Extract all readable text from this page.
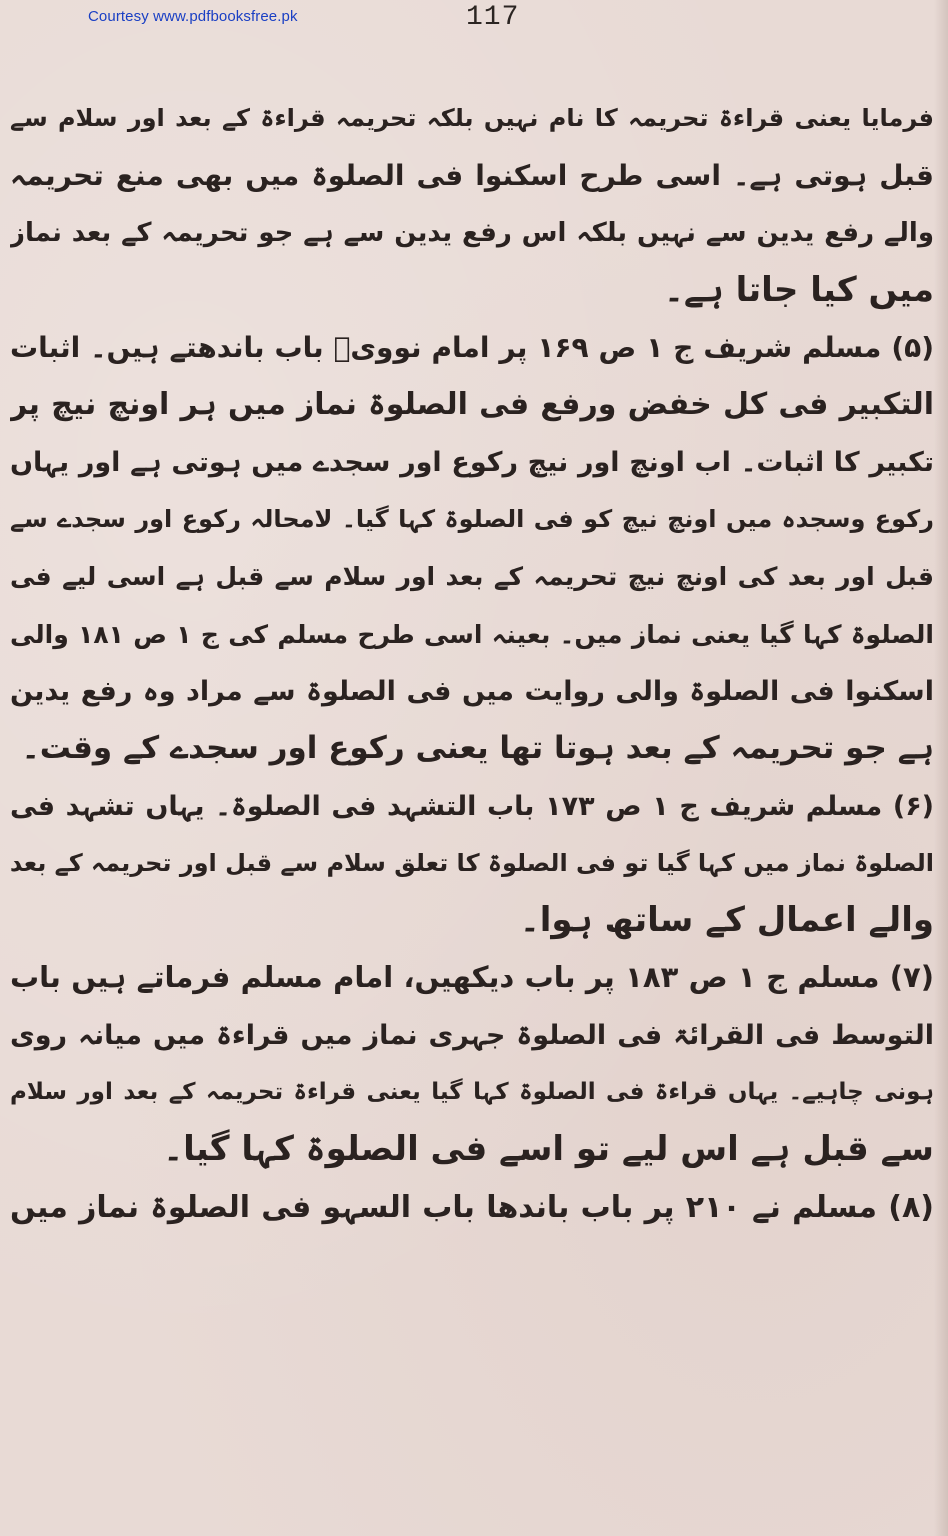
Courtesy www.pdfbooksfree.pk	117
فرمایا یعنی قراءۃ تحریمہ کا نام نہیں بلکہ تحریمہ قراءۃ کے بعد اور سلام سے
قبل ہوتی ہے۔ اسی طرح اسکنوا فی الصلوۃ میں بھی منع تحریمہ
والے رفع یدین سے نہیں بلکہ اس رفع یدین سے ہے جو تحریمہ کے بعد نماز
میں کیا جاتا ہے۔
(۵) مسلم شریف ج ۱ ص ۱۶۹ پر امام نوویؒ باب باندھتے ہیں۔ اثبات
التکبیر فی کل خفض ورفع فی الصلوۃ نماز میں ہر اونچ نیچ پر
تکبیر کا اثبات۔ اب اونچ اور نیچ رکوع اور سجدے میں ہوتی ہے اور یہاں
رکوع وسجدہ میں اونچ نیچ کو فی الصلوۃ کہا گیا۔ لامحالہ رکوع اور سجدے سے
قبل اور بعد کی اونچ نیچ تحریمہ کے بعد اور سلام سے قبل ہے اسی لیے فی
الصلوۃ کہا گیا یعنی نماز میں۔ بعینہ اسی طرح مسلم کی ج ۱ ص ۱۸۱ والی
اسکنوا فی الصلوۃ والی روایت میں فی الصلوۃ سے مراد وہ رفع یدین
ہے جو تحریمہ کے بعد ہوتا تھا یعنی رکوع اور سجدے کے وقت۔
(۶) مسلم شریف ج ۱ ص ۱۷۳ باب التشہد فی الصلوۃ۔ یہاں تشہد فی
الصلوۃ نماز میں کہا گیا تو فی الصلوۃ کا تعلق سلام سے قبل اور تحریمہ کے بعد
والے اعمال کے ساتھ ہوا۔
(۷) مسلم ج ۱ ص ۱۸۳ پر باب دیکھیں، امام مسلم فرماتے ہیں باب
التوسط فی القرائۃ فی الصلوۃ جہری نماز میں قراءۃ میں میانہ روی
ہونی چاہیے۔ یہاں قراءۃ فی الصلوۃ کہا گیا یعنی قراءۃ تحریمہ کے بعد اور سلام
سے قبل ہے اس لیے تو اسے فی الصلوۃ کہا گیا۔
(۸) مسلم نے ۲۱۰ پر باب باندھا باب السہو فی الصلوۃ نماز میں
